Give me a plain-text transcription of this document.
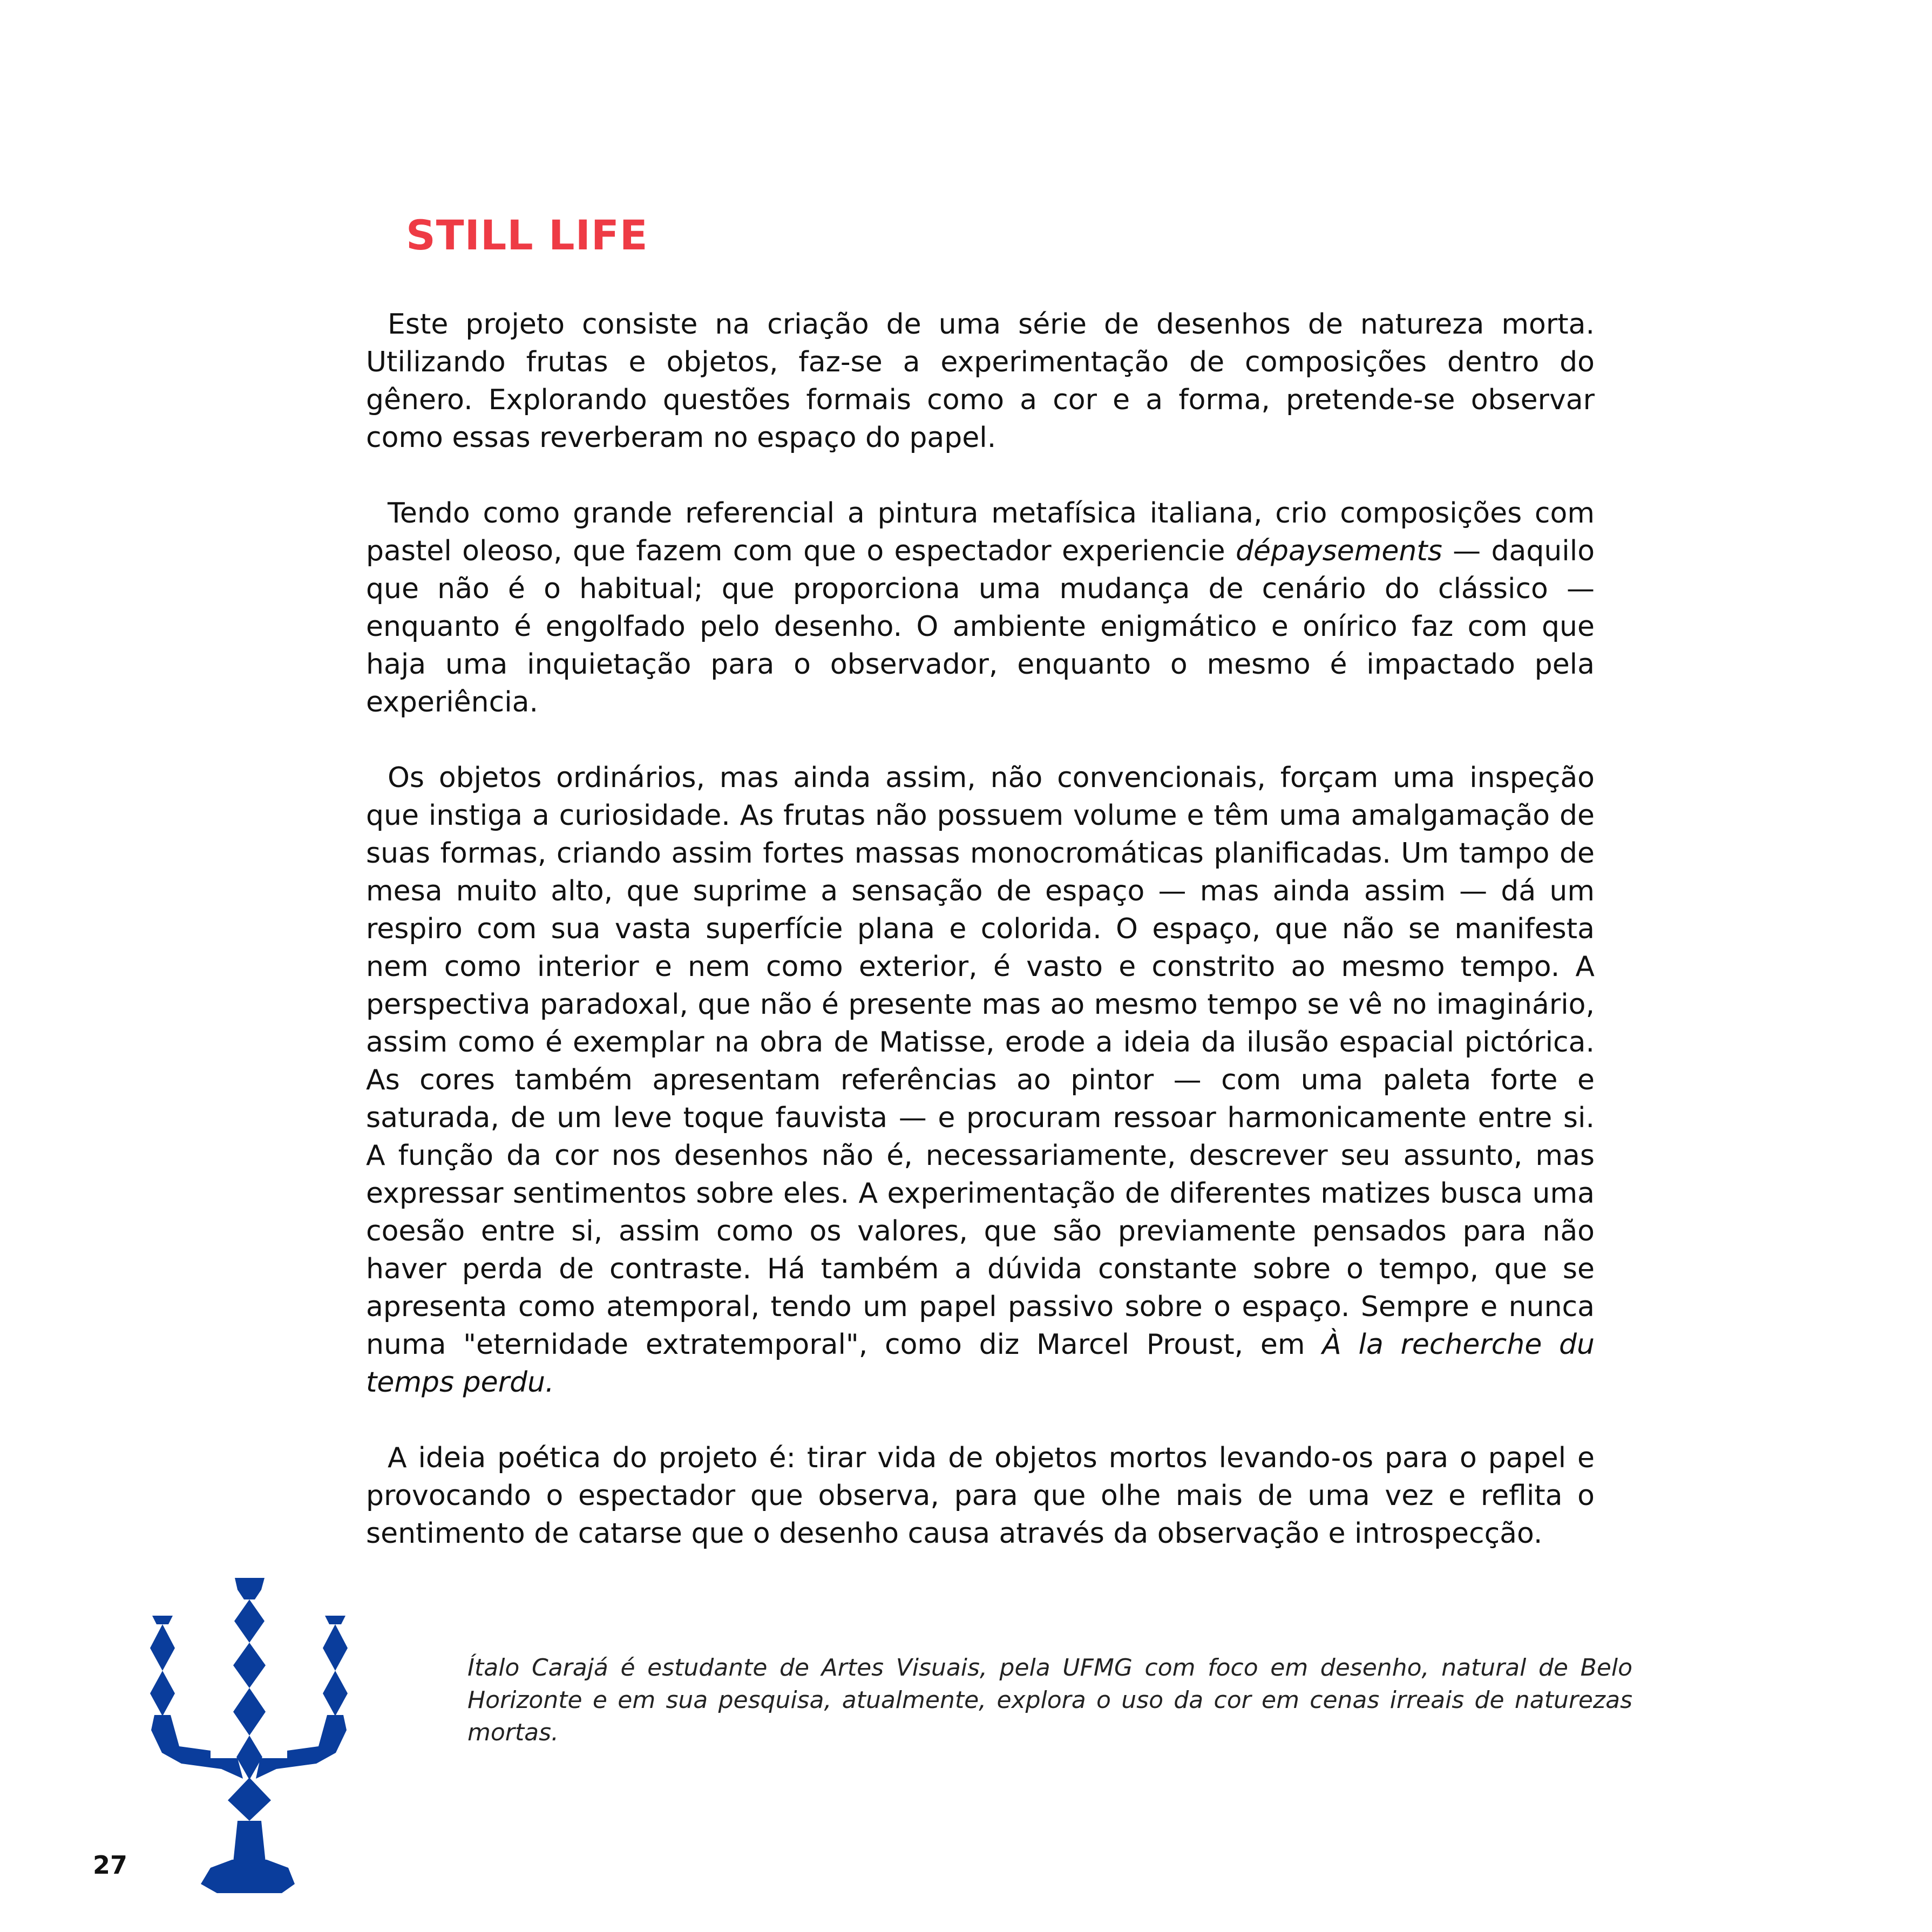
STILL LIFE

Este projeto consiste na criação de uma série de desenhos de natureza morta. Utilizando frutas e objetos, faz-se a experimentação de composições dentro do gênero. Explorando questões formais como a cor e a forma, pretende-se observar como essas reverberam no espaço do papel.

Tendo como grande referencial a pintura metafísica italiana, crio composições com pastel oleoso, que fazem com que o espectador experiencie dépaysements — daquilo que não é o habitual; que proporciona uma mudança de cenário do clássico — enquanto é engolfado pelo desenho. O ambiente enigmático e onírico faz com que haja uma inquietação para o observador, enquanto o mesmo é impactado pela experiência.

Os objetos ordinários, mas ainda assim, não convencionais, forçam uma inspeção que instiga a curiosidade. As frutas não possuem volume e têm uma amalgamação de suas formas, criando assim fortes massas monocromáticas planificadas. Um tampo de mesa muito alto, que suprime a sensação de espaço — mas ainda assim — dá um respiro com sua vasta superfície plana e colorida. O espaço, que não se manifesta nem como interior e nem como exterior, é vasto e constrito ao mesmo tempo. A perspectiva paradoxal, que não é presente mas ao mesmo tempo se vê no imaginário, assim como é exemplar na obra de Matisse, erode a ideia da ilusão espacial pictórica. As cores também apresentam referências ao pintor — com uma paleta forte e saturada, de um leve toque fauvista — e procuram ressoar harmonicamente entre si. A função da cor nos desenhos não é, necessariamente, descrever seu assunto, mas expressar sentimentos sobre eles. A experimentação de diferentes matizes busca uma coesão entre si, assim como os valores, que são previamente pensados para não haver perda de contraste. Há também a dúvida constante sobre o tempo, que se apresenta como atemporal, tendo um papel passivo sobre o espaço. Sempre e nunca numa "eternidade extratemporal", como diz Marcel Proust, em À la recherche du temps perdu.

A ideia poética do projeto é: tirar vida de objetos mortos levando-os para o papel e provocando o espectador que observa, para que olhe mais de uma vez e reflita o sentimento de catarse que o desenho causa através da observação e introspecção.

Ítalo Carajá é estudante de Artes Visuais, pela UFMG com foco em desenho, natural de Belo Horizonte e em sua pesquisa, atualmente, explora o uso da cor em cenas irreais de naturezas mortas.

27
